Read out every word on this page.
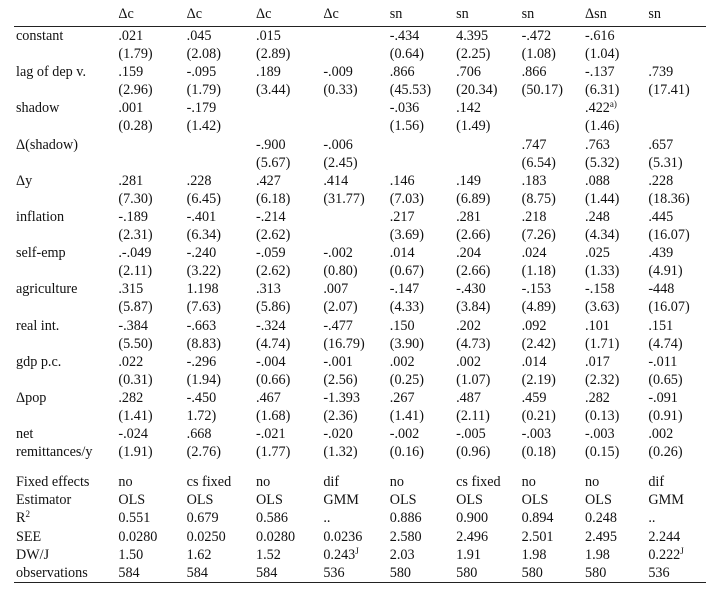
	Δc	Δc	Δc	Δc	sn	sn	sn	Δsn	sn
constant	.021	.045	.015		-.434	4.395	-.472	-.616	
	(1.79)	(2.08)	(2.89)		(0.64)	(2.25)	(1.08)	(1.04)	
lag of dep v.	.159	-.095	.189	-.009	.866	.706	.866	-.137	.739
	(2.96)	(1.79)	(3.44)	(0.33)	(45.53)	(20.34)	(50.17)	(6.31)	(17.41)
shadow	.001	-.179			-.036	.142		.422$^{a)}$	
	(0.28)	(1.42)			(1.56)	(1.49)		(1.46)	
Δ(shadow)			-.900	-.006			.747	.763	.657
			(5.67)	(2.45)			(6.54)	(5.32)	(5.31)
Δy	.281	.228	.427	.414	.146	.149	.183	.088	.228
	(7.30)	(6.45)	(6.18)	(31.77)	(7.03)	(6.89)	(8.75)	(1.44)	(18.36)
inflation	-.189	-.401	-.214		.217	.281	.218	.248	.445
	(2.31)	(6.34)	(2.62)		(3.69)	(2.66)	(7.26)	(4.34)	(16.07)
self-emp	.-.049	-.240	-.059	-.002	.014	.204	.024	.025	.439
	(2.11)	(3.22)	(2.62)	(0.80)	(0.67)	(2.66)	(1.18)	(1.33)	(4.91)
agriculture	.315	1.198	.313	.007	-.147	-.430	-.153	-.158	-448
	(5.87)	(7.63)	(5.86)	(2.07)	(4.33)	(3.84)	(4.89)	(3.63)	(16.07)
real int.	-.384	-.663	-.324	-.477	.150	.202	.092	.101	.151
	(5.50)	(8.83)	(4.74)	(16.79)	(3.90)	(4.73)	(2.42)	(1.71)	(4.74)
gdp p.c.	.022	-.296	-.004	-.001	.002	.002	.014	.017	-.011
	(0.31)	(1.94)	(0.66)	(2.56)	(0.25)	(1.07)	(2.19)	(2.32)	(0.65)
Δpop	.282	-.450	.467	-1.393	.267	.487	.459	.282	-.091
	(1.41)	1.72)	(1.68)	(2.36)	(1.41)	(2.11)	(0.21)	(0.13)	(0.91)
net	-.024	.668	-.021	-.020	-.002	-.005	-.003	-.003	.002
remittances/y	(1.91)	(2.76)	(1.77)	(1.32)	(0.16)	(0.96)	(0.18)	(0.15)	(0.26)

Fixed effects	no	cs fixed	no	dif	no	cs fixed	no	no	dif
Estimator	OLS	OLS	OLS	GMM	OLS	OLS	OLS	OLS	GMM
$R^2$	0.551	0.679	0.586	..	0.886	0.900	0.894	0.248	..
SEE	0.0280	0.0250	0.0280	0.0236	2.580	2.496	2.501	2.495	2.244
DW/J	1.50	1.62	1.52	$0.243^J$	2.03	1.91	1.98	1.98	$0.222^J$
observations	584	584	584	536	580	580	580	580	536
